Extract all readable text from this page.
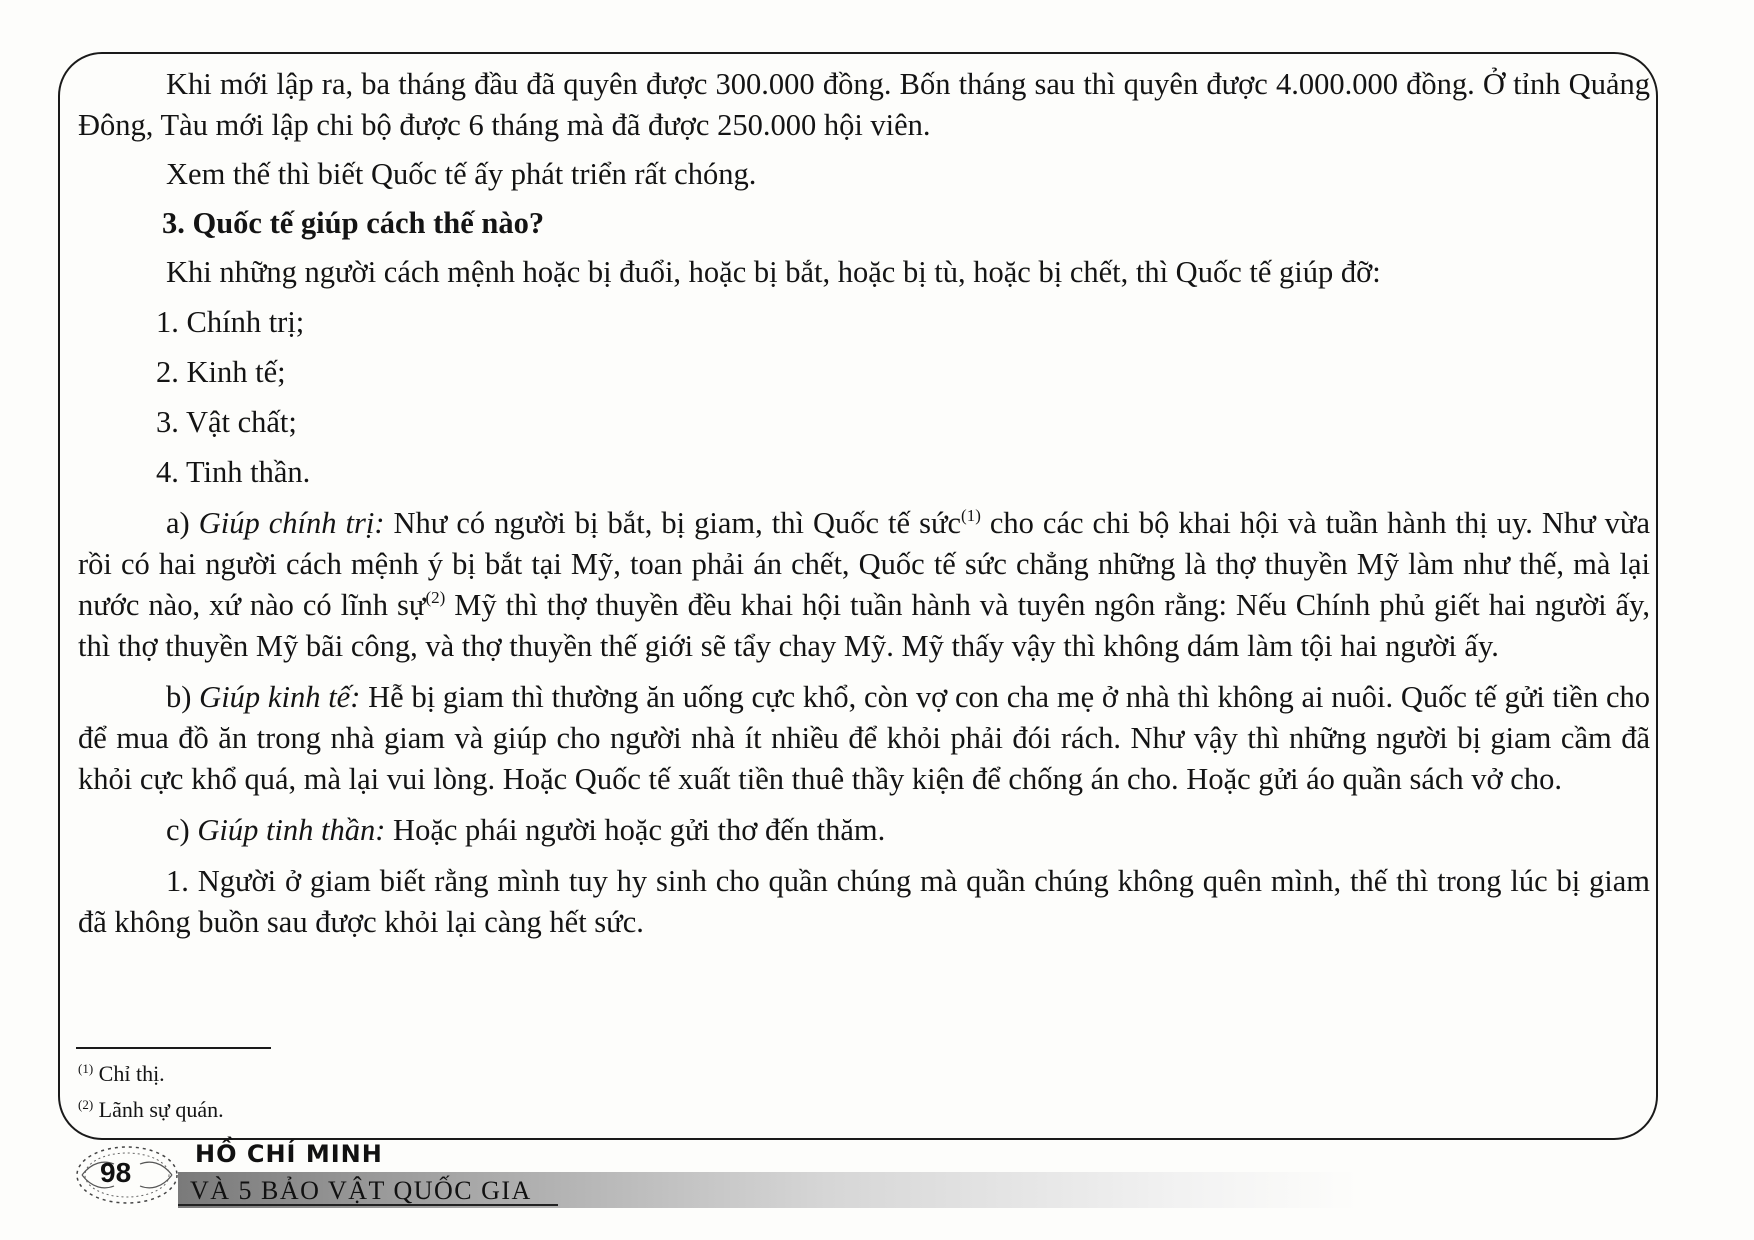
Khi mới lập ra, ba tháng đầu đã quyên được 300.000 đồng. Bốn tháng sau thì quyên được 4.000.000 đồng. Ở tỉnh Quảng Đông, Tàu mới lập chi bộ được 6 tháng mà đã được 250.000 hội viên.

Xem thế thì biết Quốc tế ấy phát triển rất chóng.

3. Quốc tế giúp cách thế nào?

Khi những người cách mệnh hoặc bị đuổi, hoặc bị bắt, hoặc bị tù, hoặc bị chết, thì Quốc tế giúp đỡ:

1. Chính trị;

2. Kinh tế;

3. Vật chất;

4. Tinh thần.

a) Giúp chính trị: Như có người bị bắt, bị giam, thì Quốc tế sức$^{(1)}$ cho các chi bộ khai hội và tuần hành thị uy. Như vừa rồi có hai người cách mệnh ý bị bắt tại Mỹ, toan phải án chết, Quốc tế sức chẳng những là thợ thuyền Mỹ làm như thế, mà lại nước nào, xứ nào có lĩnh sự$^{(2)}$ Mỹ thì thợ thuyền đều khai hội tuần hành và tuyên ngôn rằng: Nếu Chính phủ giết hai người ấy, thì thợ thuyền Mỹ bãi công, và thợ thuyền thế giới sẽ tẩy chay Mỹ. Mỹ thấy vậy thì không dám làm tội hai người ấy.

b) Giúp kinh tế: Hễ bị giam thì thường ăn uống cực khổ, còn vợ con cha mẹ ở nhà thì không ai nuôi. Quốc tế gửi tiền cho để mua đồ ăn trong nhà giam và giúp cho người nhà ít nhiều để khỏi phải đói rách. Như vậy thì những người bị giam cầm đã khỏi cực khổ quá, mà lại vui lòng. Hoặc Quốc tế xuất tiền thuê thầy kiện để chống án cho. Hoặc gửi áo quần sách vở cho.

c) Giúp tinh thần: Hoặc phái người hoặc gửi thơ đến thăm.

1. Người ở giam biết rằng mình tuy hy sinh cho quần chúng mà quần chúng không quên mình, thế thì trong lúc bị giam đã không buồn sau được khỏi lại càng hết sức.

$^{(1)}$ Chỉ thị.
$^{(2)}$ Lãnh sự quán.
98
HỒ CHÍ MINH
VÀ 5 BẢO VẬT QUỐC GIA
